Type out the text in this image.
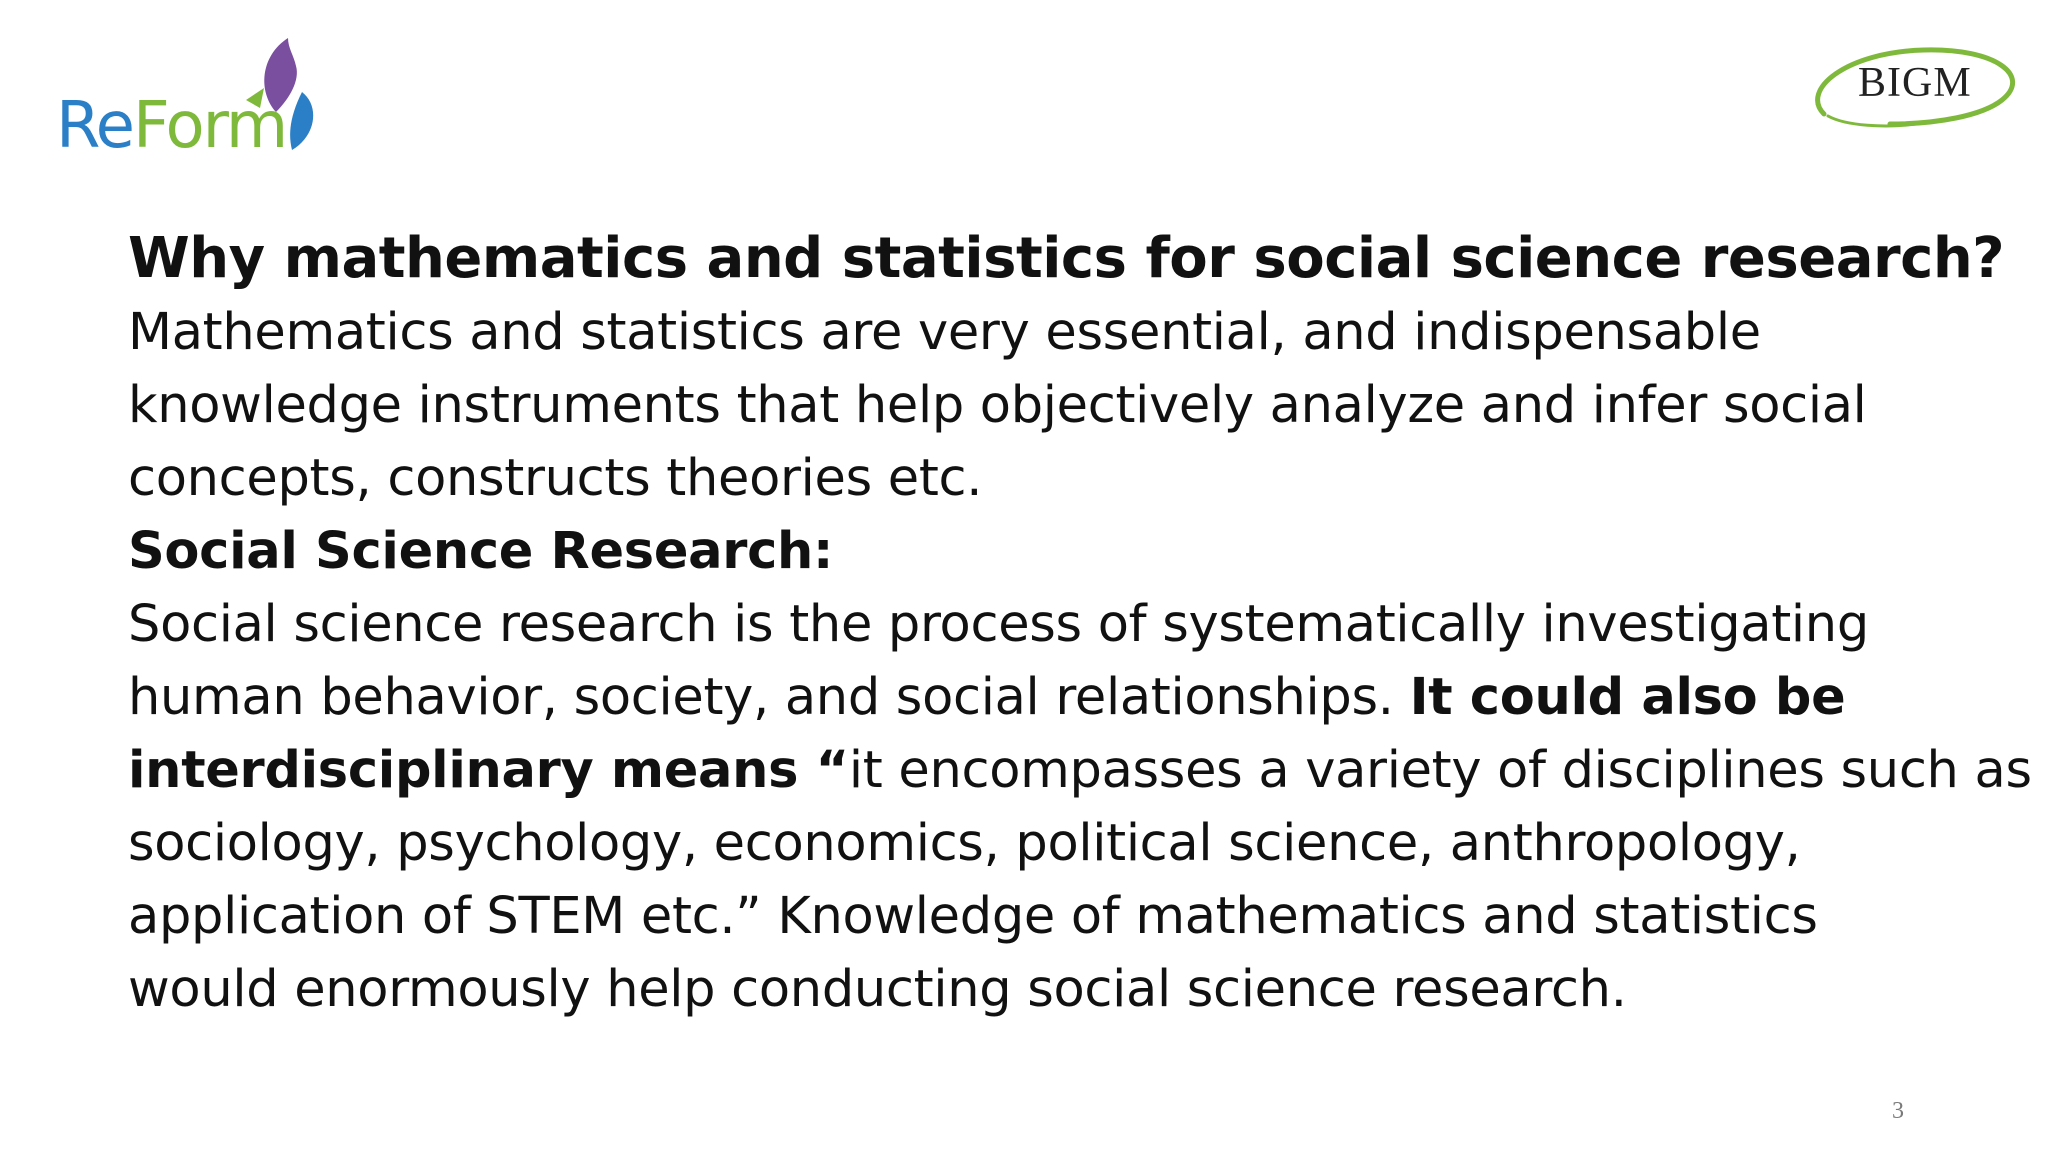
ReForm
BIGM
Why mathematics and statistics for social science research?

Mathematics and statistics are very essential, and indispensable
knowledge instruments that help objectively analyze and infer social
concepts, constructs theories etc.

Social Science Research:

Social science research is the process of systematically investigating
human behavior, society, and social relationships. It could also be
interdisciplinary means “it encompasses a variety of disciplines such as
sociology, psychology, economics, political science, anthropology,
application of STEM etc.” Knowledge of mathematics and statistics
would enormously help conducting social science research.

3
